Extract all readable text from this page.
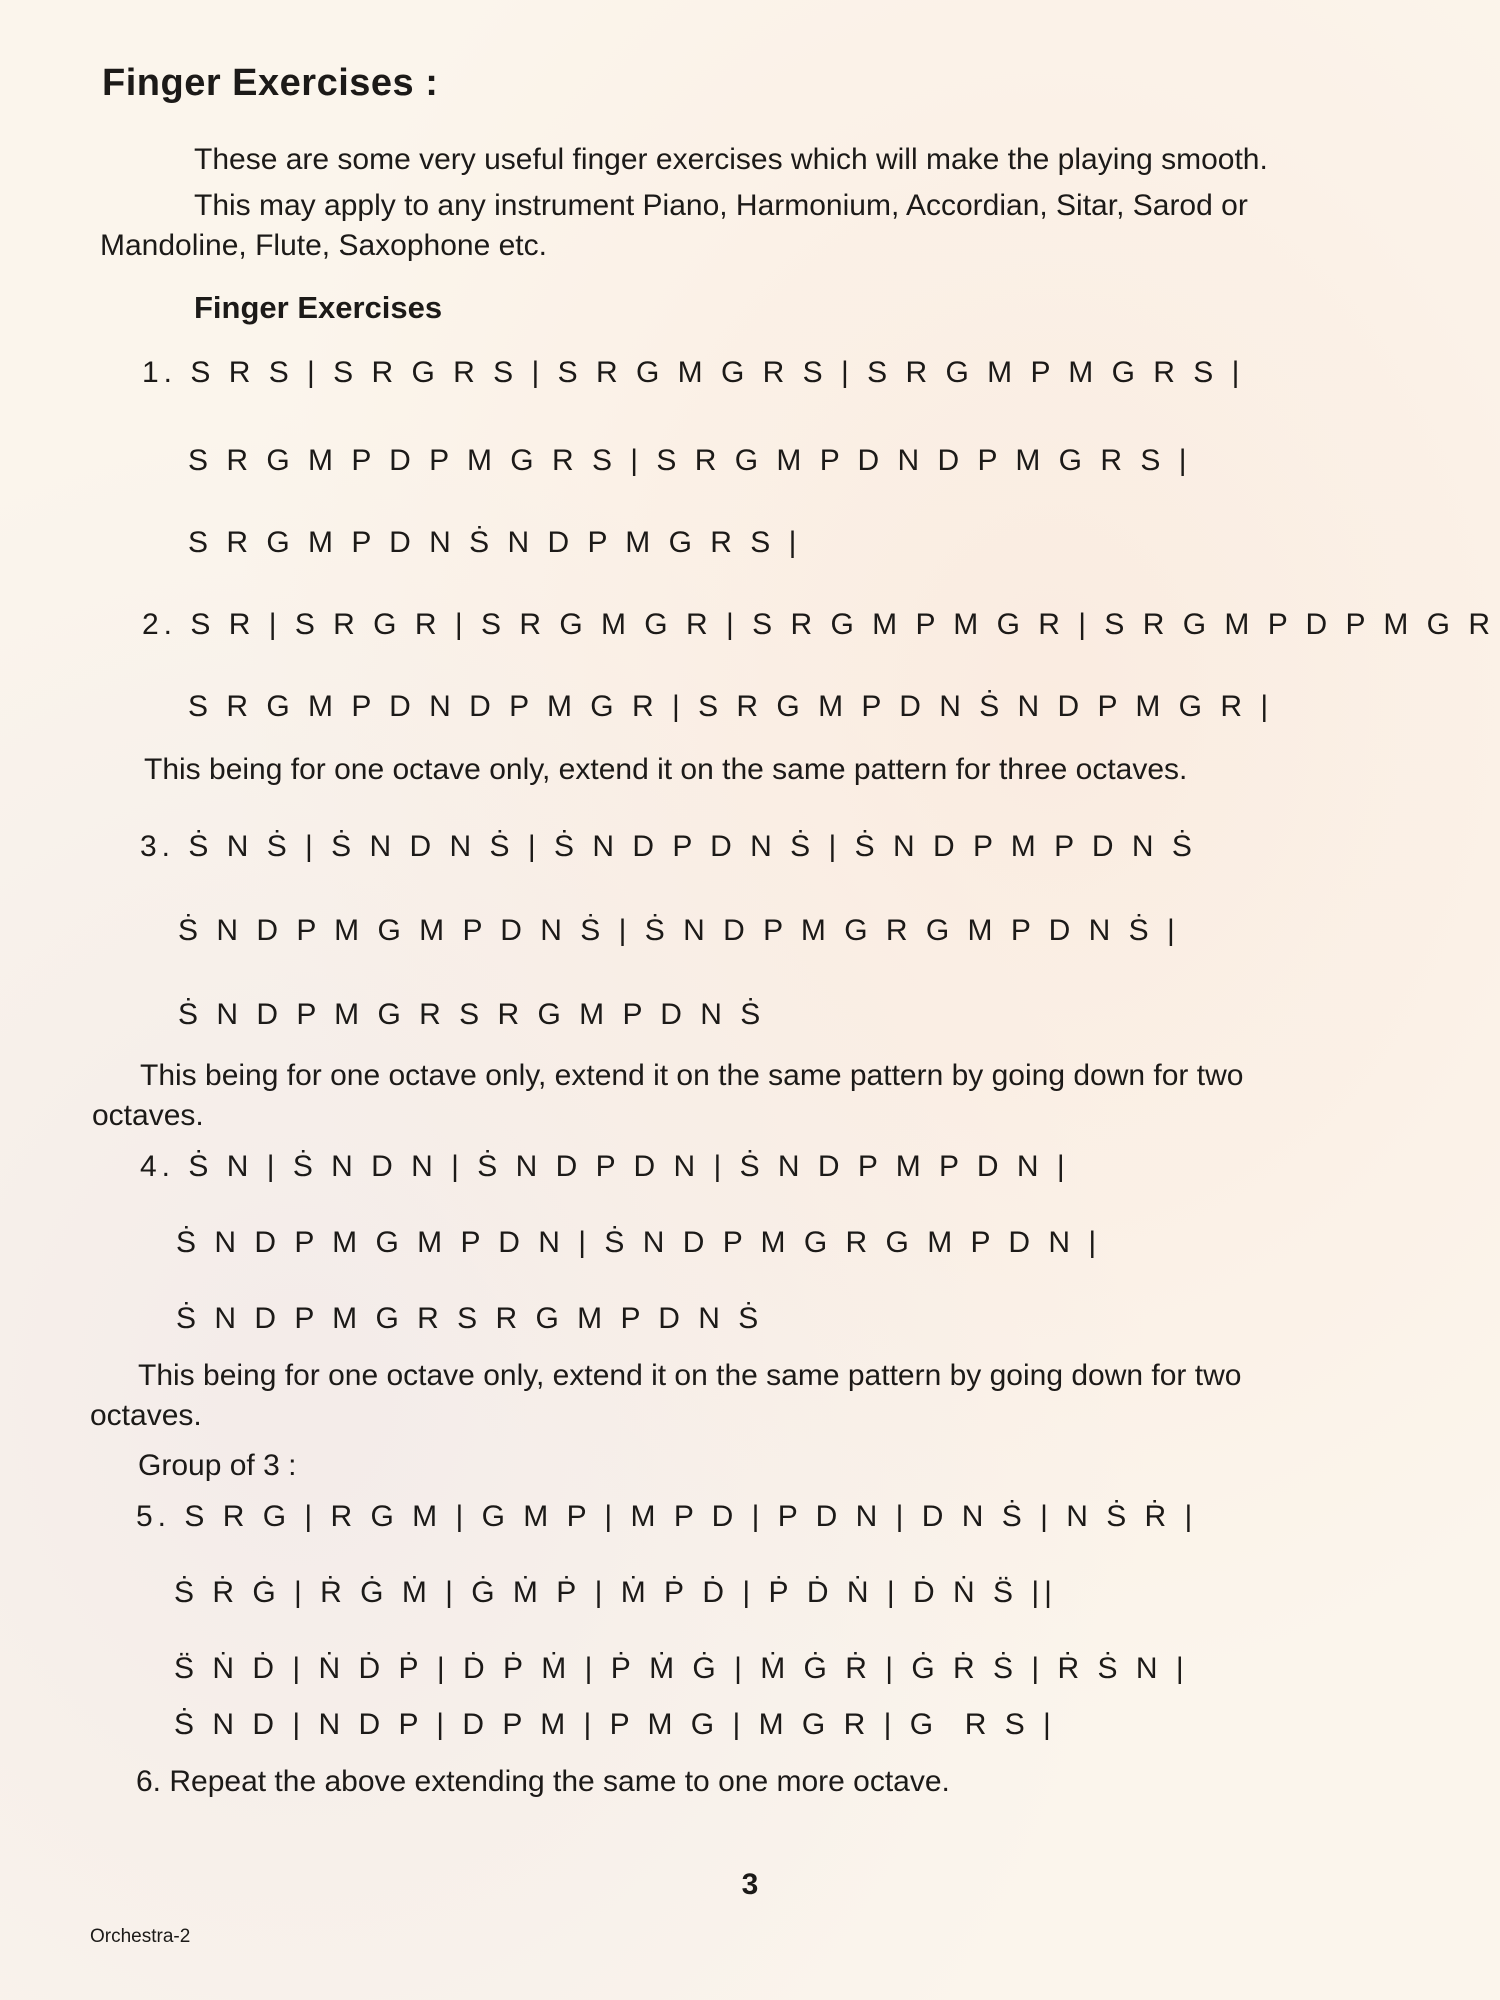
Finger Exercises :
These are some very useful finger exercises which will make the playing smooth.
This may apply to any instrument Piano, Harmonium, Accordian, Sitar, Sarod or
Mandoline, Flute, Saxophone etc.
Finger Exercises
1. S R S | S R G R S | S R G M G R S | S R G M P M G R S |
S R G M P D P M G R S | S R G M P D N D P M G R S |
S R G M P D N Ṡ N D P M G R S |
2. S R | S R G R | S R G M G R | S R G M P M G R | S R G M P D P M G R
S R G M P D N D P M G R | S R G M P D N Ṡ N D P M G R |
This being for one octave only, extend it on the same pattern for three octaves.
3. Ṡ N Ṡ | Ṡ N D N Ṡ | Ṡ N D P D N Ṡ | Ṡ N D P M P D N Ṡ
Ṡ N D P M G M P D N Ṡ | Ṡ N D P M G R G M P D N Ṡ |
Ṡ N D P M G R S R G M P D N Ṡ
This being for one octave only, extend it on the same pattern by going down for two
octaves.
4. Ṡ N | Ṡ N D N | Ṡ N D P D N | Ṡ N D P M P D N |
Ṡ N D P M G M P D N | Ṡ N D P M G R G M P D N |
Ṡ N D P M G R S R G M P D N Ṡ
This being for one octave only, extend it on the same pattern by going down for two
octaves.
Group of 3 :
5. S R G | R G M | G M P | M P D | P D N | D N Ṡ | N Ṡ Ṙ |
Ṡ Ṙ Ġ | Ṙ Ġ Ṁ | Ġ Ṁ Ṗ | Ṁ Ṗ Ḋ | Ṗ Ḋ Ṅ | Ḋ Ṅ S̈ ||
S̈ Ṅ Ḋ | Ṅ Ḋ Ṗ | Ḋ Ṗ Ṁ | Ṗ Ṁ Ġ | Ṁ Ġ Ṙ | Ġ Ṙ Ṡ | Ṙ Ṡ N |
Ṡ N D | N D P | D P M | P M G | M G R | G  R S |
6. Repeat the above extending the same to one more octave.
3
Orchestra-2
